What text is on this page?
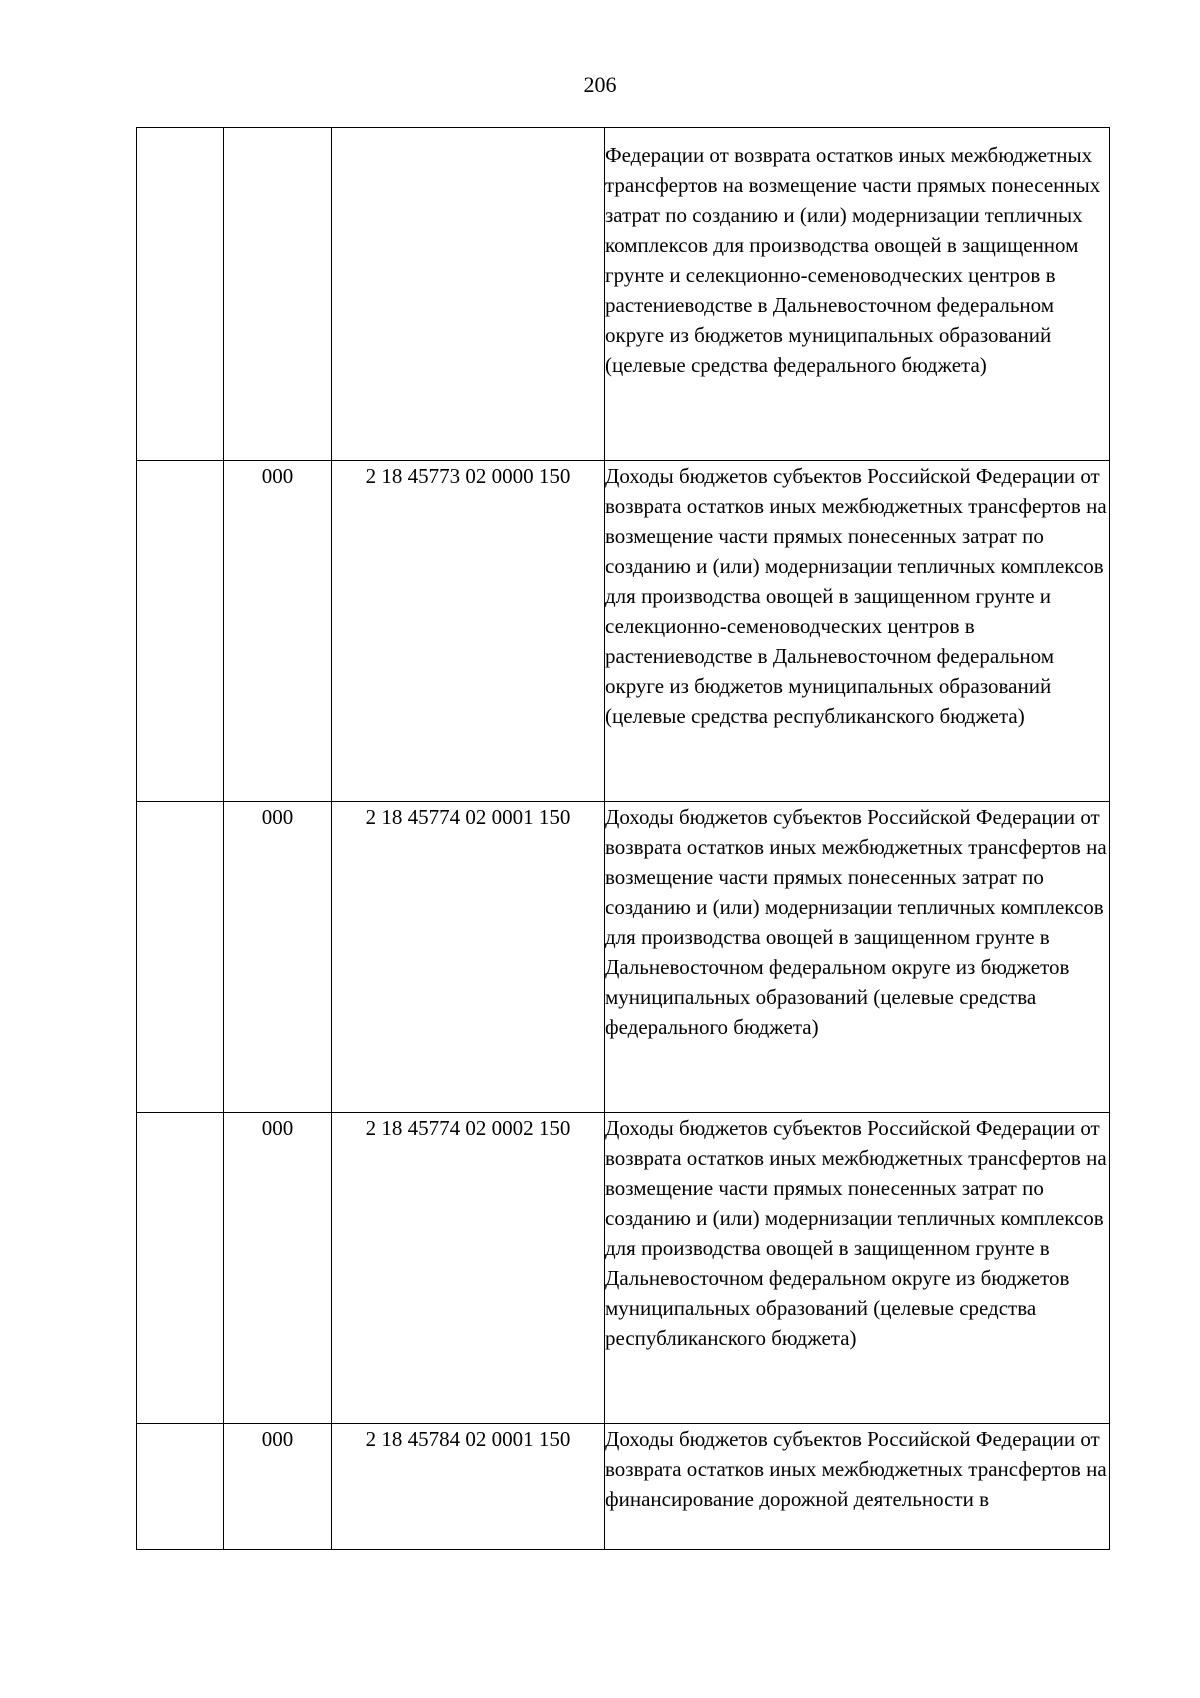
206
			Федерации от возврата остатков иных межбюджетных трансфертов на возмещение части прямых понесенных затрат по созданию и (или) модернизации тепличных комплексов для производства овощей в защищенном грунте и селекционно-семеноводческих центров в растениеводстве в Дальневосточном федеральном округе из бюджетов муниципальных образований (целевые средства федерального бюджета)
	000	2 18 45773 02 0000 150	Доходы бюджетов субъектов Российской Федерации от возврата остатков иных межбюджетных трансфертов на возмещение части прямых понесенных затрат по созданию и (или) модернизации тепличных комплексов для производства овощей в защищенном грунте и селекционно-семеноводческих центров в растениеводстве в Дальневосточном федеральном округе из бюджетов муниципальных образований (целевые средства республиканского бюджета)
	000	2 18 45774 02 0001 150	Доходы бюджетов субъектов Российской Федерации от возврата остатков иных межбюджетных трансфертов на возмещение части прямых понесенных затрат по созданию и (или) модернизации тепличных комплексов для производства овощей в защищенном грунте в Дальневосточном федеральном округе из бюджетов муниципальных образований (целевые средства федерального бюджета)
	000	2 18 45774 02 0002 150	Доходы бюджетов субъектов Российской Федерации от возврата остатков иных межбюджетных трансфертов на возмещение части прямых понесенных затрат по созданию и (или) модернизации тепличных комплексов для производства овощей в защищенном грунте в Дальневосточном федеральном округе из бюджетов муниципальных образований (целевые средства республиканского бюджета)
	000	2 18 45784 02 0001 150	Доходы бюджетов субъектов Российской Федерации от возврата остатков иных межбюджетных трансфертов на финансирование дорожной деятельности в
